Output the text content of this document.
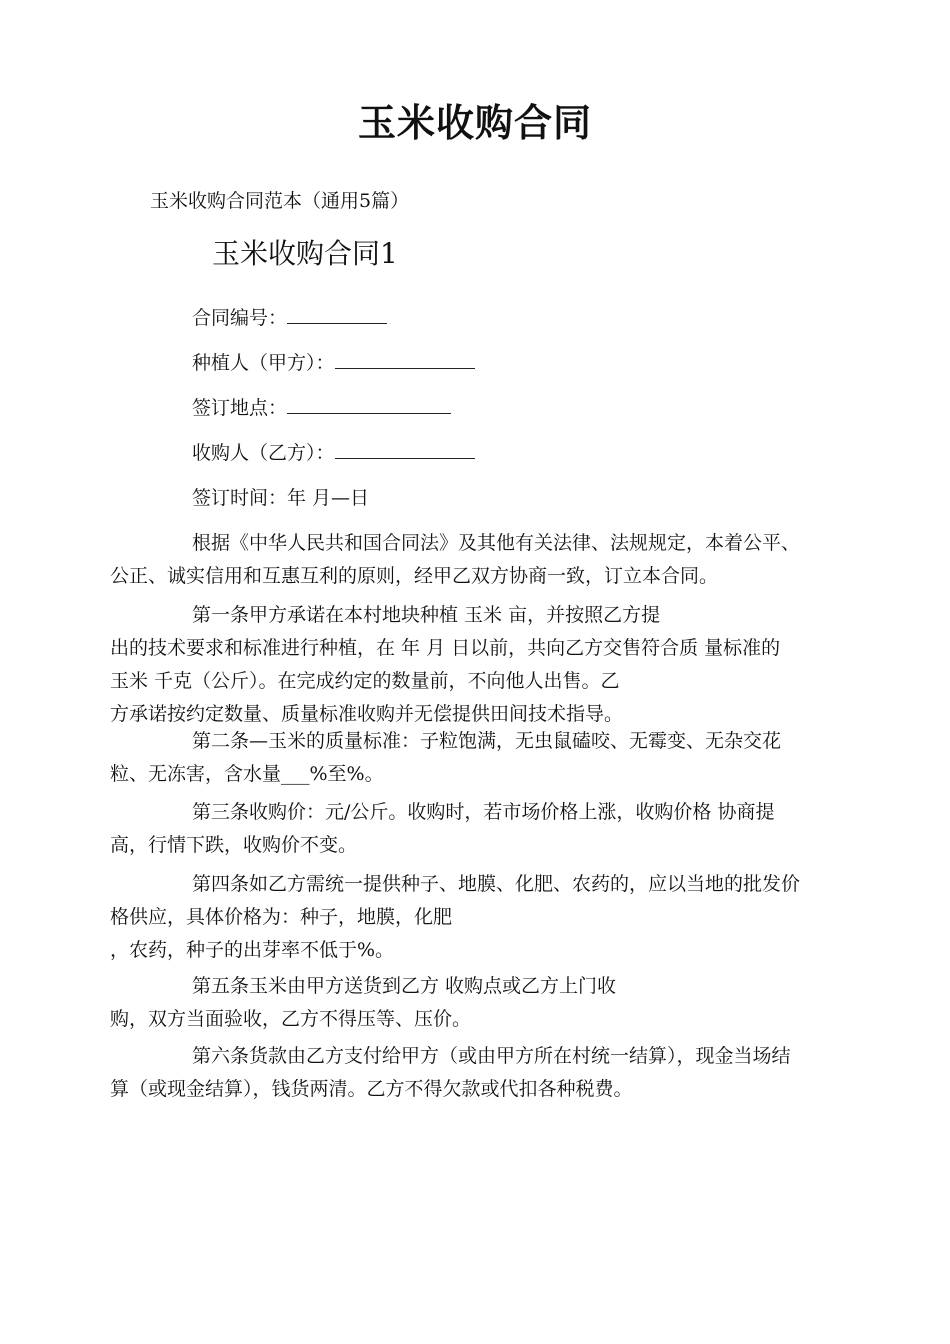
玉米收购合同

玉米收购合同范本（通用5篇）

玉米收购合同1

合同编号：

种植人（甲方）：

签订地点：

收购人（乙方）：

签订时间：年 月—日

根据《中华人民共和国合同法》及其他有关法律、法规规定，本着公平、
公正、诚实信用和互惠互利的原则，经甲乙双方协商一致，订立本合同。
第一条甲方承诺在本村地块种植 玉米 亩，并按照乙方提
出的技术要求和标准进行种植，在 年 月 日以前，共向乙方交售符合质 量标准的
玉米 千克（公斤）。在完成约定的数量前，不向他人出售。乙
方承诺按约定数量、质量标准收购并无偿提供田间技术指导。
第二条—玉米的质量标准：子粒饱满，无虫鼠磕咬、无霉变、无杂交花
粒、无冻害，含水量___%至%。
第三条收购价：元/公斤。收购时，若市场价格上涨，收购价格 协商提
高，行情下跌，收购价不变。
第四条如乙方需统一提供种子、地膜、化肥、农药的，应以当地的批发价
格供应，具体价格为：种子，地膜，化肥
，农药，种子的出芽率不低于%。
第五条玉米由甲方送货到乙方 收购点或乙方上门收
购，双方当面验收，乙方不得压等、压价。
第六条货款由乙方支付给甲方（或由甲方所在村统一结算），现金当场结
算（或现金结算），钱货两清。乙方不得欠款或代扣各种税费。
